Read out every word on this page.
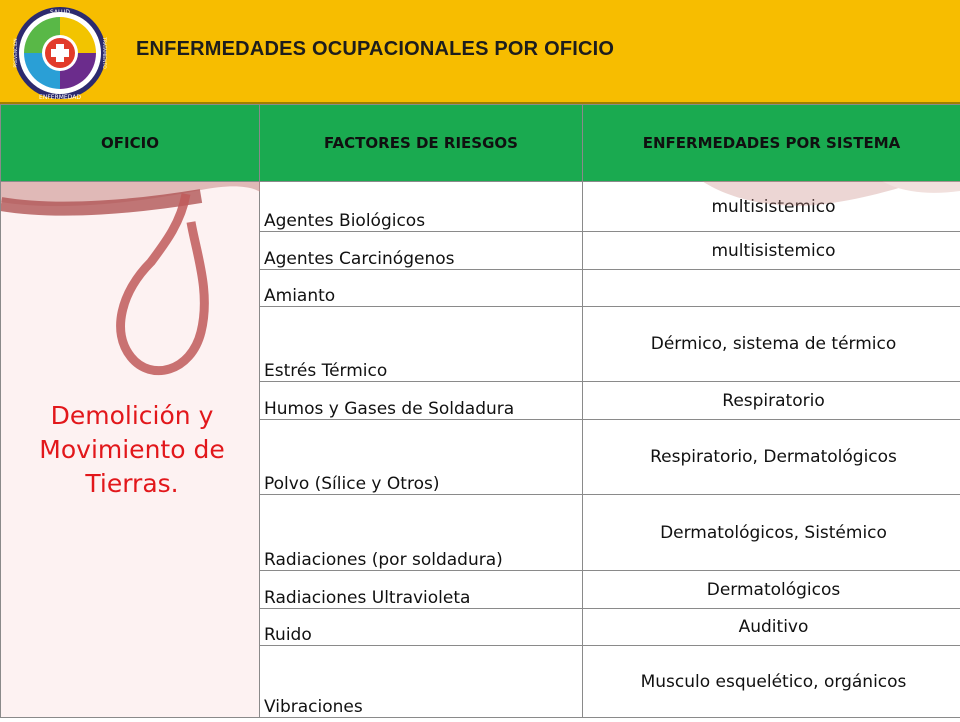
SALUD
ENFERMEDAD
PREVENCION	TRATAMIENTO ENFERMEDADES OCUPACIONALES POR OFICIO
OFICIO	FACTORES DE RIESGOS	ENFERMEDADES POR SISTEMA

Demolición y
Movimiento de
Tierras.	Agentes Biológicos	multisistemico
	Agentes Carcinógenos	multisistemico
	Amianto	
	Estrés Térmico	Dérmico, sistema de térmico
	Humos y Gases de Soldadura	Respiratorio
	Polvo (Sílice y Otros)	Respiratorio, Dermatológicos
	Radiaciones (por soldadura)	Dermatológicos, Sistémico
	Radiaciones Ultravioleta	Dermatológicos
	Ruido	Auditivo
	Vibraciones	Musculo esquelético, orgánicos
